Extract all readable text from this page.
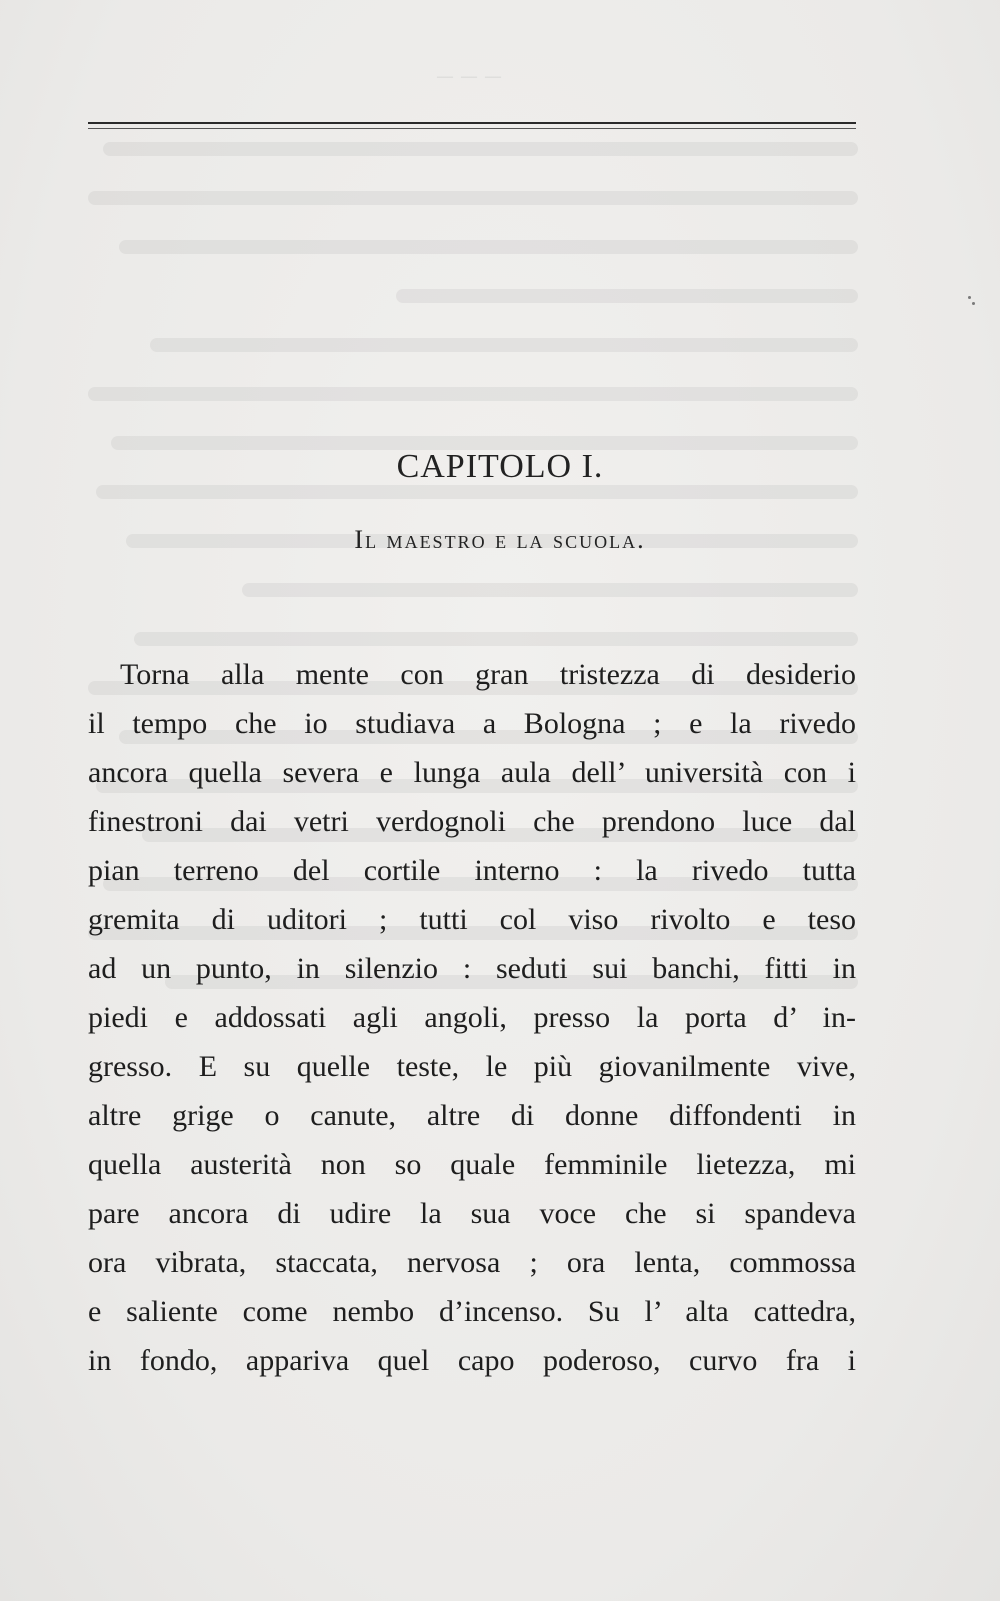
— — —
CAPITOLO I.
Il maestro e la scuola.
Torna alla mente con gran tristezza di desiderio
il tempo che io studiava a Bologna ; e la rivedo
ancora quella severa e lunga aula dell’ università con i
finestroni dai vetri verdognoli che prendono luce dal
pian terreno del cortile interno : la rivedo tutta
gremita di uditori ; tutti col viso rivolto e teso
ad un punto, in silenzio : seduti sui banchi, fitti in
piedi e addossati agli angoli, presso la porta d’ in-
gresso. E su quelle teste, le più giovanilmente vive,
altre grige o canute, altre di donne diffondenti in
quella austerità non so quale femminile lietezza, mi
pare ancora di udire la sua voce che si spandeva
ora vibrata, staccata, nervosa ; ora lenta, commossa
e saliente come nembo d’incenso. Su l’ alta cattedra,
in fondo, appariva quel capo poderoso, curvo fra i
